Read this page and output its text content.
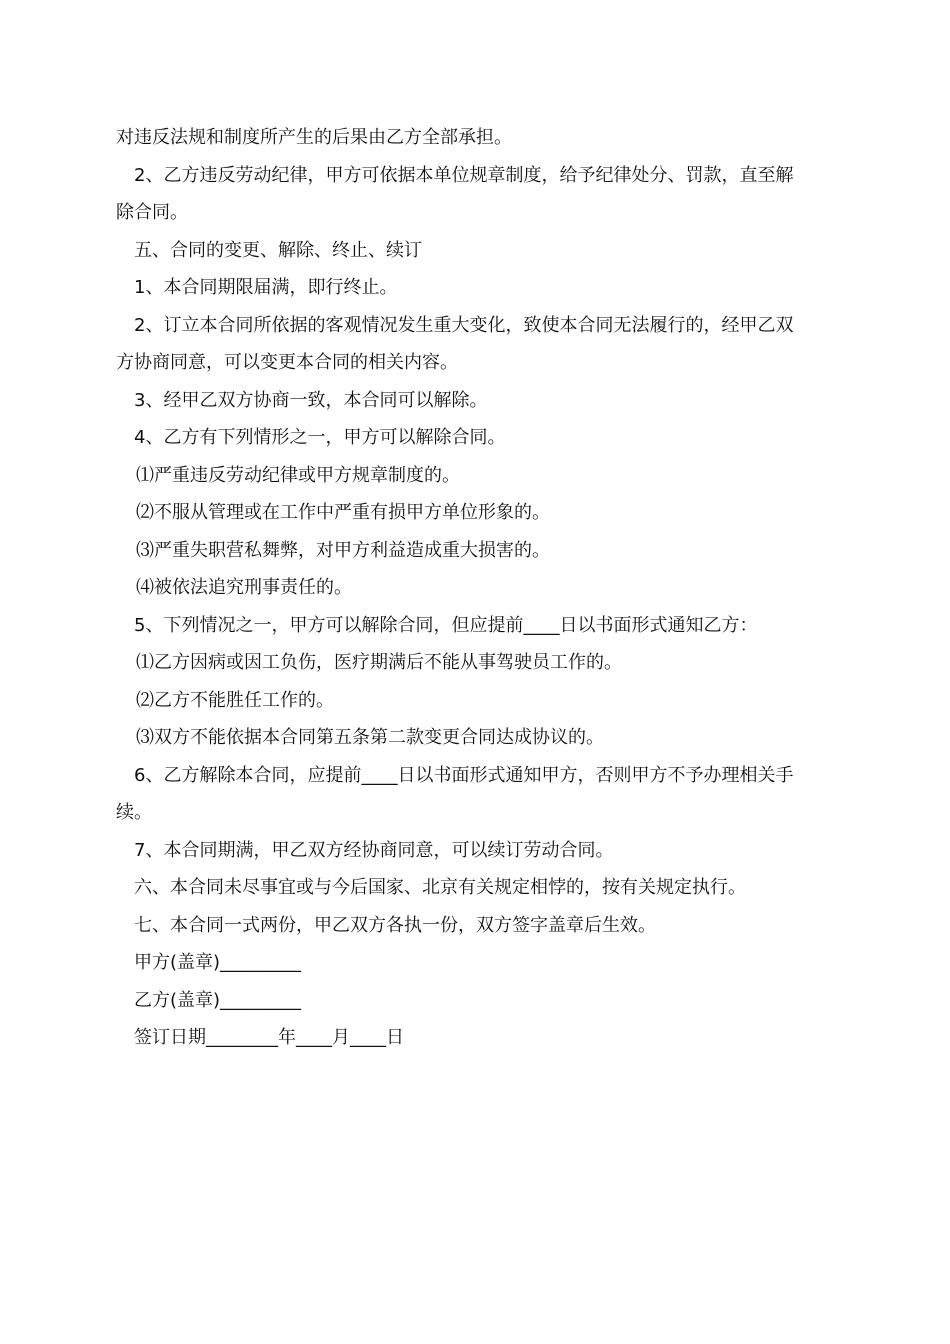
对违反法规和制度所产生的后果由乙方全部承担。
2、乙方违反劳动纪律，甲方可依据本单位规章制度，给予纪律处分、罚款，直至解
除合同。
五、合同的变更、解除、终止、续订
1、本合同期限届满，即行终止。
2、订立本合同所依据的客观情况发生重大变化，致使本合同无法履行的，经甲乙双
方协商同意，可以变更本合同的相关内容。
3、经甲乙双方协商一致，本合同可以解除。
4、乙方有下列情形之一，甲方可以解除合同。
⑴严重违反劳动纪律或甲方规章制度的。
⑵不服从管理或在工作中严重有损甲方单位形象的。
⑶严重失职营私舞弊，对甲方利益造成重大损害的。
⑷被依法追究刑事责任的。
5、下列情况之一，甲方可以解除合同，但应提前____日以书面形式通知乙方：
⑴乙方因病或因工负伤，医疗期满后不能从事驾驶员工作的。
⑵乙方不能胜任工作的。
⑶双方不能依据本合同第五条第二款变更合同达成协议的。
6、乙方解除本合同，应提前____日以书面形式通知甲方，否则甲方不予办理相关手
续。
7、本合同期满，甲乙双方经协商同意，可以续订劳动合同。
六、本合同未尽事宜或与今后国家、北京有关规定相悖的，按有关规定执行。
七、本合同一式两份，甲乙双方各执一份，双方签字盖章后生效。
甲方(盖章)_________
乙方(盖章)_________
签订日期________年____月____日
